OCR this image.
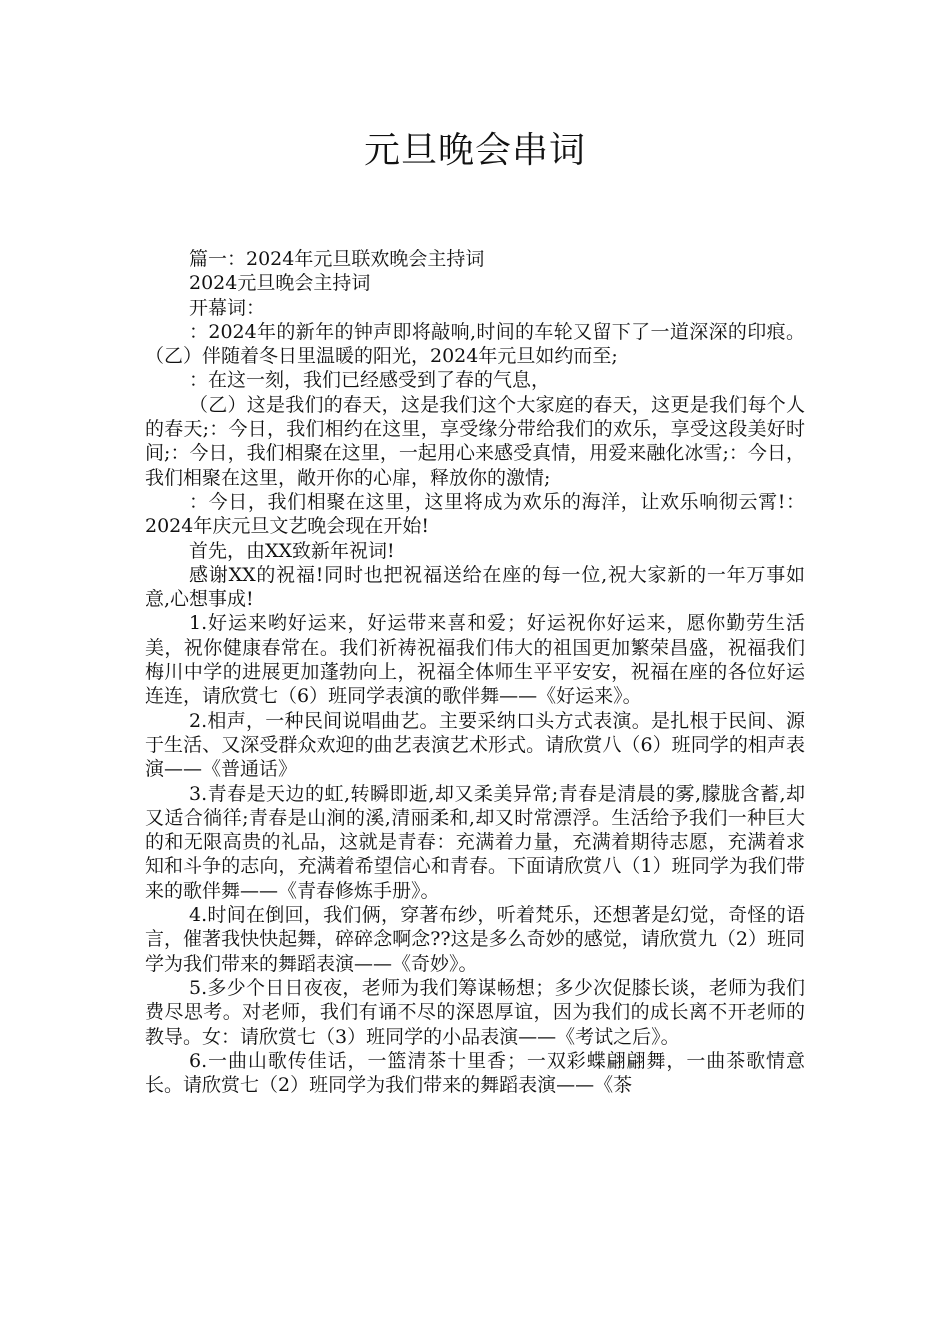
元旦晚会串词

篇一：2024年元旦联欢晚会主持词

2024元旦晚会主持词

开幕词：

：2024年的新年的钟声即将敲响,时间的车轮又留下了一道深深的印痕。（乙）伴随着冬日里温暖的阳光，2024年元旦如约而至;

：在这一刻，我们已经感受到了春的气息，

（乙）这是我们的春天，这是我们这个大家庭的春天，这更是我们每个人的春天;：今日，我们相约在这里，享受缘分带给我们的欢乐，享受这段美好时间;：今日，我们相聚在这里，一起用心来感受真情，用爱来融化冰雪;：今日，我们相聚在这里，敞开你的心扉，释放你的激情;

：今日，我们相聚在这里，这里将成为欢乐的海洋，让欢乐响彻云霄!：2024年庆元旦文艺晚会现在开始!

首先，由XX致新年祝词!

感谢XX的祝福!同时也把祝福送给在座的每一位,祝大家新的一年万事如意,心想事成!

1.好运来哟好运来，好运带来喜和爱；好运祝你好运来，愿你勤劳生活美，祝你健康春常在。我们祈祷祝福我们伟大的祖国更加繁荣昌盛，祝福我们梅川中学的进展更加蓬勃向上，祝福全体师生平平安安，祝福在座的各位好运连连，请欣赏七（6）班同学表演的歌伴舞——《好运来》。

2.相声，一种民间说唱曲艺。主要采纳口头方式表演。是扎根于民间、源于生活、又深受群众欢迎的曲艺表演艺术形式。请欣赏八（6）班同学的相声表演——《普通话》

3.青春是天边的虹,转瞬即逝,却又柔美异常;青春是清晨的雾,朦胧含蓄,却又适合徜徉;青春是山涧的溪,清丽柔和,却又时常漂浮。生活给予我们一种巨大的和无限高贵的礼品，这就是青春：充满着力量，充满着期待志愿，充满着求知和斗争的志向，充满着希望信心和青春。下面请欣赏八（1）班同学为我们带来的歌伴舞——《青春修炼手册》。

4.时间在倒回，我们俩，穿著布纱，听着梵乐，还想著是幻觉，奇怪的语言，催著我快快起舞，碎碎念啊念??这是多么奇妙的感觉，请欣赏九（2）班同学为我们带来的舞蹈表演——《奇妙》。

5.多少个日日夜夜，老师为我们筹谋畅想；多少次促膝长谈，老师为我们费尽思考。对老师，我们有诵不尽的深恩厚谊，因为我们的成长离不开老师的教导。女：请欣赏七（3）班同学的小品表演——《考试之后》。

6.一曲山歌传佳话，一篮清茶十里香；一双彩蝶翩翩舞，一曲茶歌情意长。请欣赏七（2）班同学为我们带来的舞蹈表演——《茶
